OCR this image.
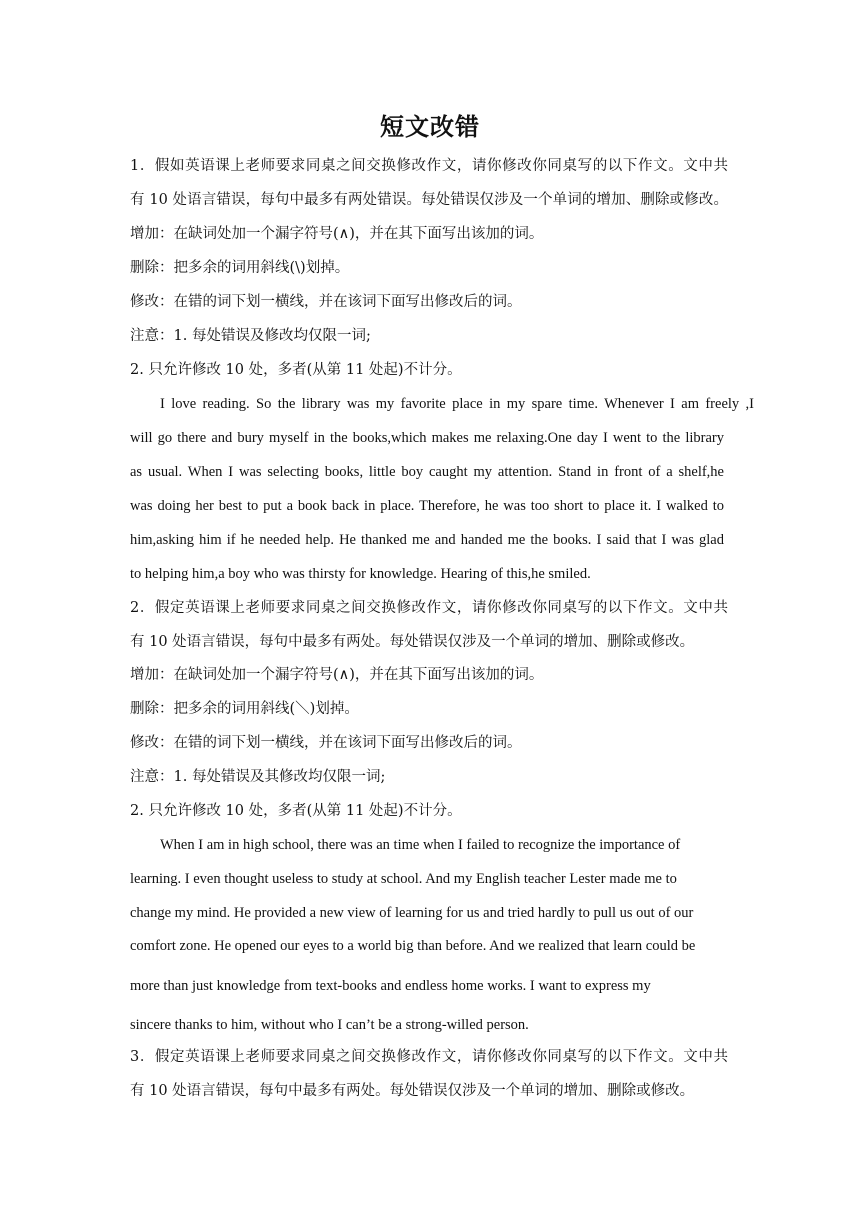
短文改错
1．假如英语课上老师要求同桌之间交换修改作文，请你修改你同桌写的以下作文。文中共
有 10 处语言错误，每句中最多有两处错误。每处错误仅涉及一个单词的增加、删除或修改。
增加：在缺词处加一个漏字符号(∧)，并在其下面写出该加的词。
删除：把多余的词用斜线(\)划掉。
修改：在错的词下划一横线，并在该词下面写出修改后的词。
注意：1. 每处错误及修改均仅限一词;
2. 只允许修改 10 处，多者(从第 11 处起)不计分。
I love reading. So the library was my favorite place in my spare time. Whenever I am freely ,I
will go there and bury myself in the books,which makes me relaxing.One day I went to the library
as usual. When I was selecting books, little boy caught my attention. Stand in front of a shelf,he
was doing her best to put a book back in place. Therefore, he was too short to place it. I walked to
him,asking him if he needed help. He thanked me and handed me the books. I said that I was glad
to helping him,a boy who was thirsty for knowledge. Hearing of this,he smiled.
2．假定英语课上老师要求同桌之间交换修改作文，请你修改你同桌写的以下作文。文中共
有 10 处语言错误，每句中最多有两处。每处错误仅涉及一个单词的增加、删除或修改。
增加：在缺词处加一个漏字符号(∧)，并在其下面写出该加的词。
删除：把多余的词用斜线(＼)划掉。
修改：在错的词下划一横线，并在该词下面写出修改后的词。
注意：1. 每处错误及其修改均仅限一词;
2. 只允许修改 10 处，多者(从第 11 处起)不计分。
When I am in high school, there was an time when I failed to recognize the importance of
learning. I even thought useless to study at school. And my English teacher Lester made me to
change my mind. He provided a new view of learning for us and tried hardly to pull us out of our
comfort zone. He opened our eyes to a world big than before. And we realized that learn could be
more than just knowledge from text-books and endless home works. I want to express my
sincere thanks to him, without who I can’t be a strong-willed person.
3．假定英语课上老师要求同桌之间交换修改作文，请你修改你同桌写的以下作文。文中共
有 10 处语言错误，每句中最多有两处。每处错误仅涉及一个单词的增加、删除或修改。
